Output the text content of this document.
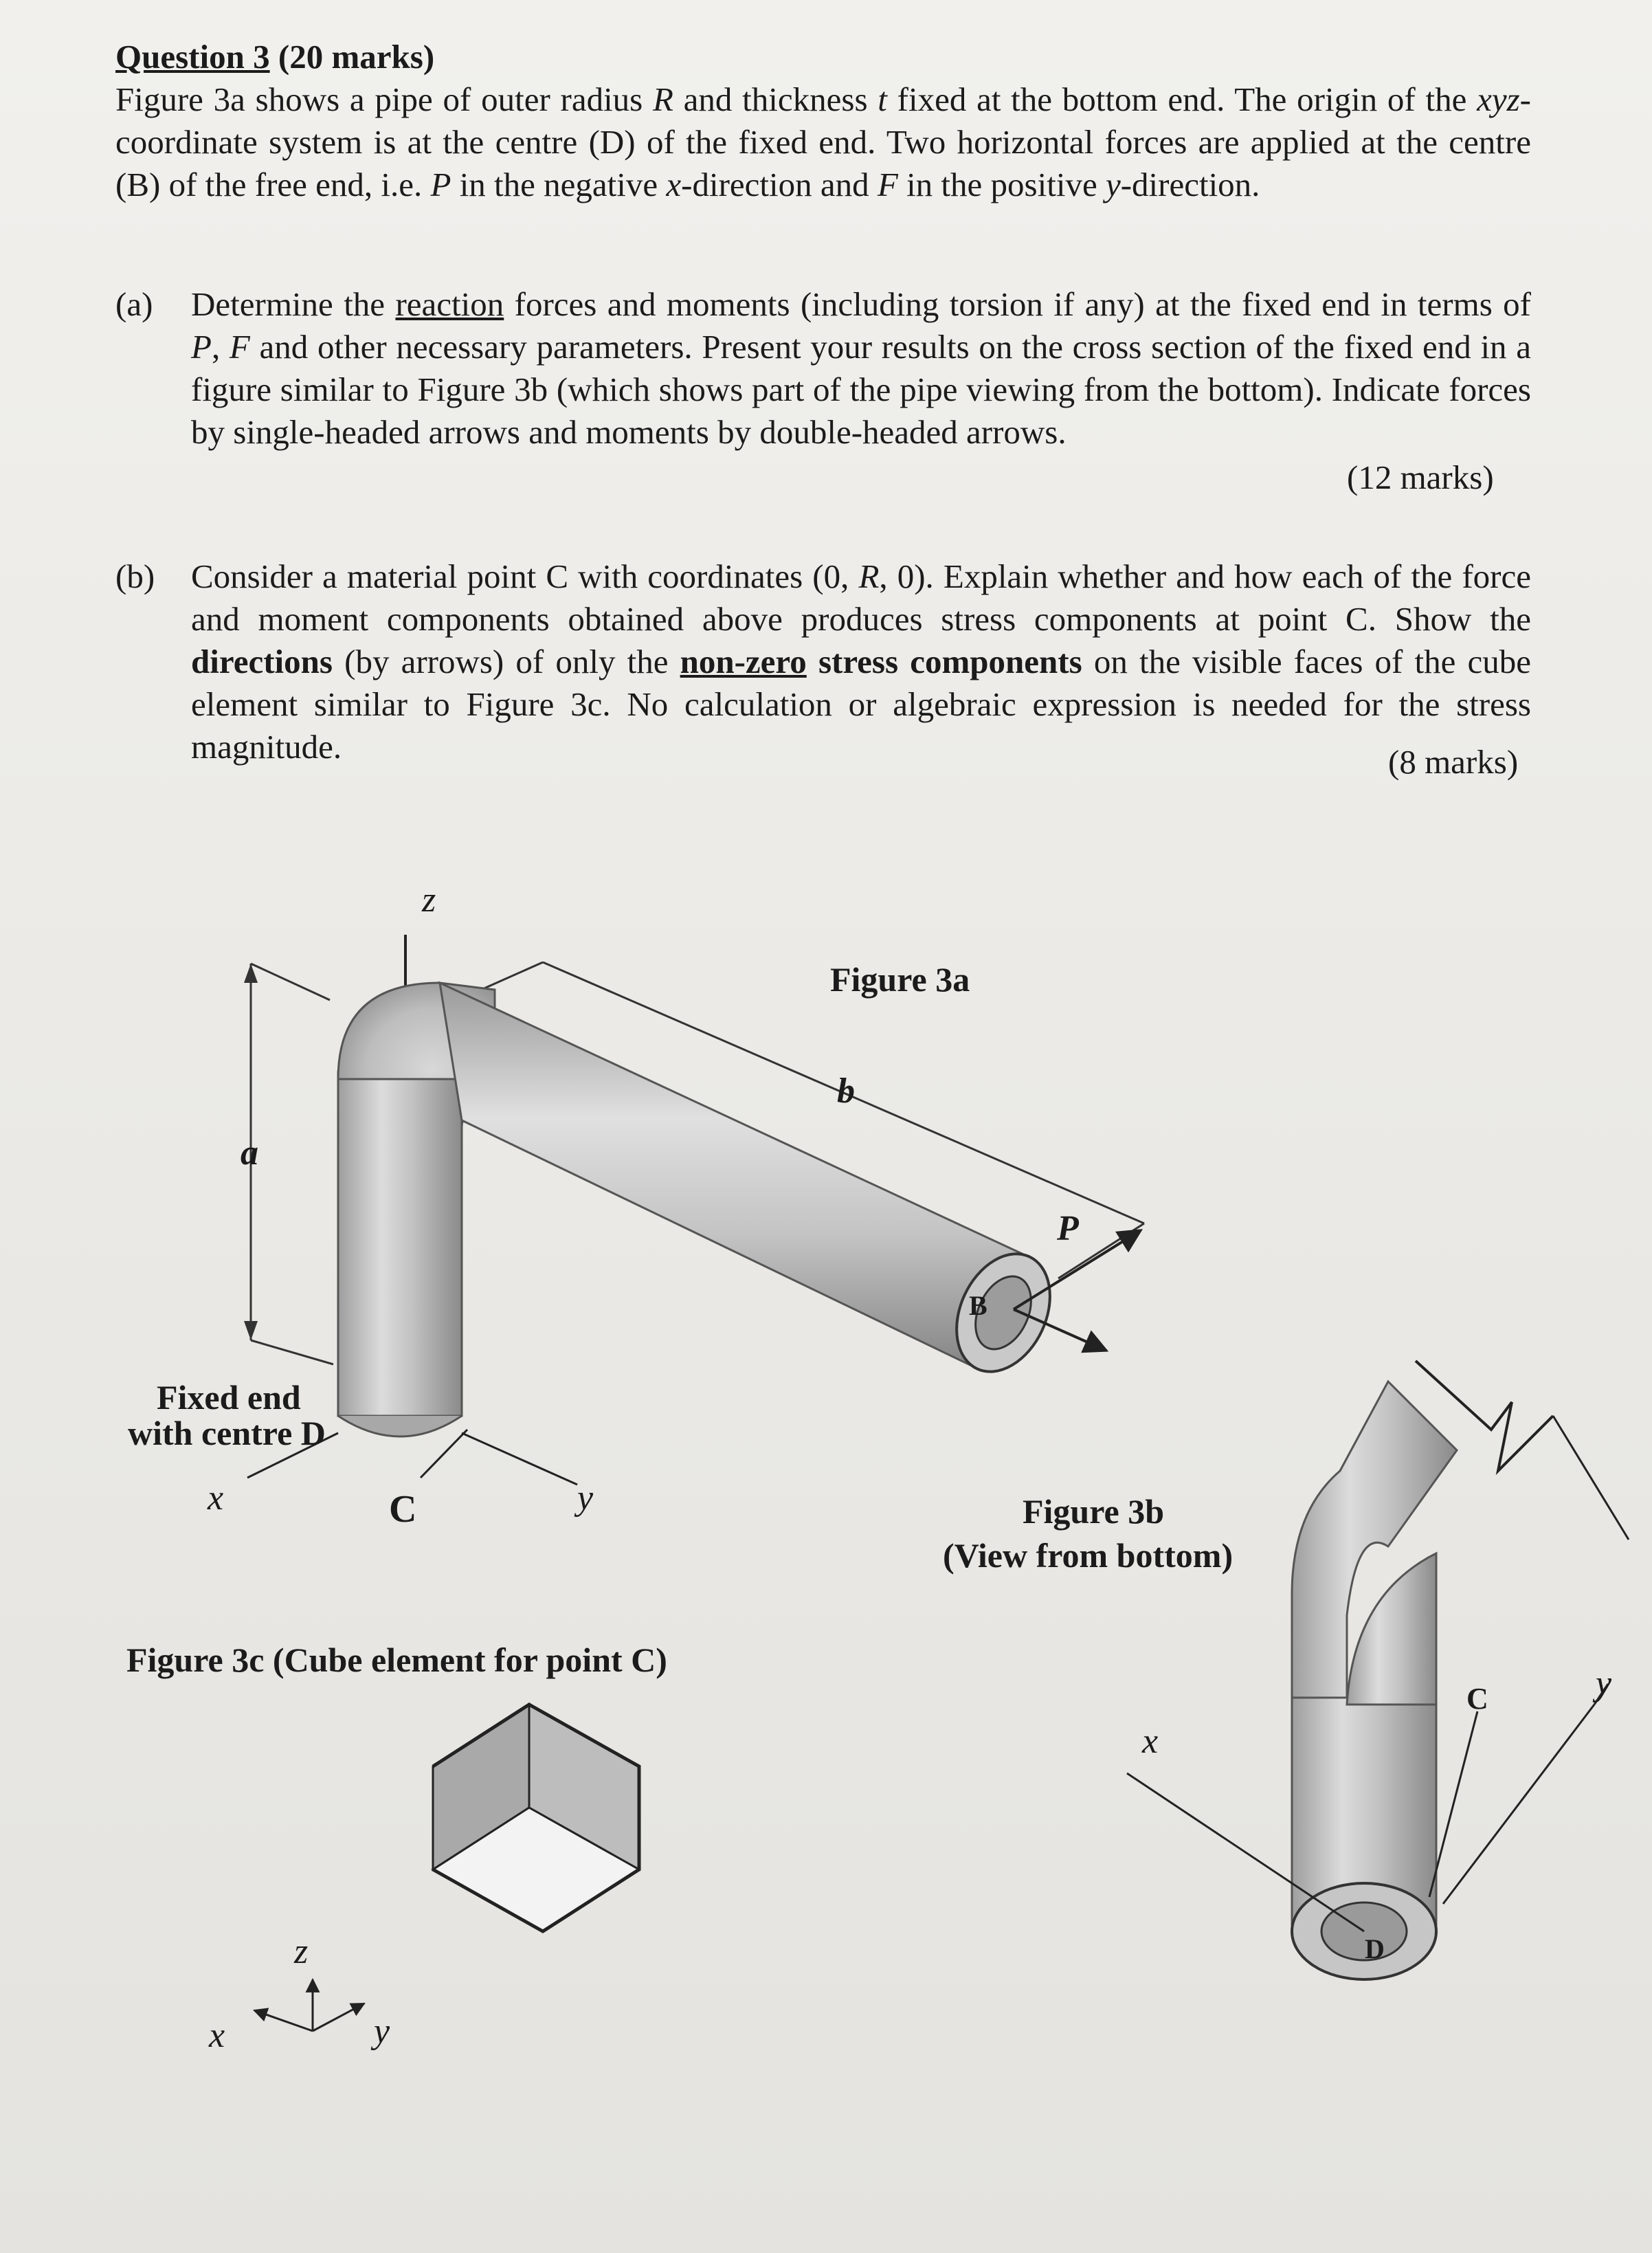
Question 3 (20 marks)

Figure 3a shows a pipe of outer radius R and thickness t fixed at the bottom end. The origin of the xyz-coordinate system is at the centre (D) of the fixed end. Two horizontal forces are applied at the centre (B) of the free end, i.e. P in the negative x-direction and F in the positive y-direction.

(a) Determine the reaction forces and moments (including torsion if any) at the fixed end in terms of P, F and other necessary parameters. Present your results on the cross section of the fixed end in a figure similar to Figure 3b (which shows part of the pipe viewing from the bottom). Indicate forces by single-headed arrows and moments by double-headed arrows.
(12 marks)
(b) Consider a material point C with coordinates (0, R, 0). Explain whether and how each of the force and moment components obtained above produces stress components at point C. Show the directions (by arrows) of only the non-zero stress components on the visible faces of the cube element similar to Figure 3c. No calculation or algebraic expression is needed for the stress magnitude.	(8 marks)
Figure 3a
a
b
P
B
Fixed end
with centre D
x	y
z
C	Figure 3b
(View from bottom)
x
y
C
D
Figure 3c (Cube element for point C)
z
x	y
